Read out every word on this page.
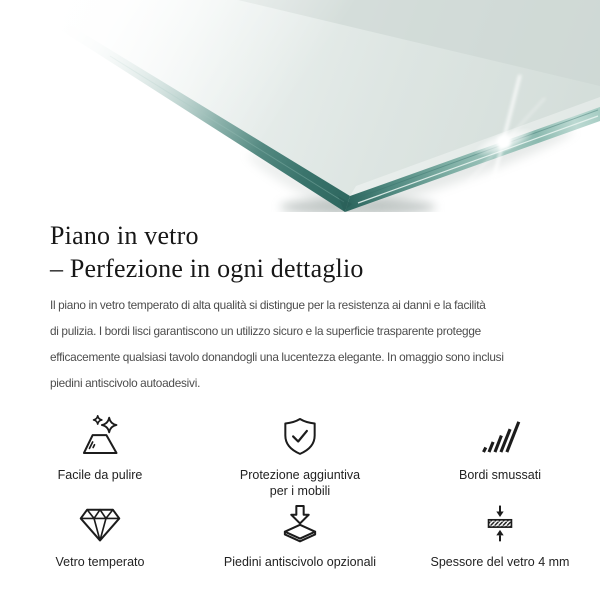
Piano in vetro
– Perfezione in ogni dettaglio
Il piano in vetro temperato di alta qualità si distingue per la resistenza ai danni e la facilità
di pulizia. I bordi lisci garantiscono un utilizzo sicuro e la superficie trasparente protegge
efficacemente qualsiasi tavolo donandogli una lucentezza elegante. In omaggio sono inclusi
piedini antiscivolo autoadesivi.
Facile da pulire	Protezione aggiuntiva
per i mobili
Bordi smussati
Vetro temperato	Piedini antiscivolo opzionali	Spessore del vetro 4 mm
